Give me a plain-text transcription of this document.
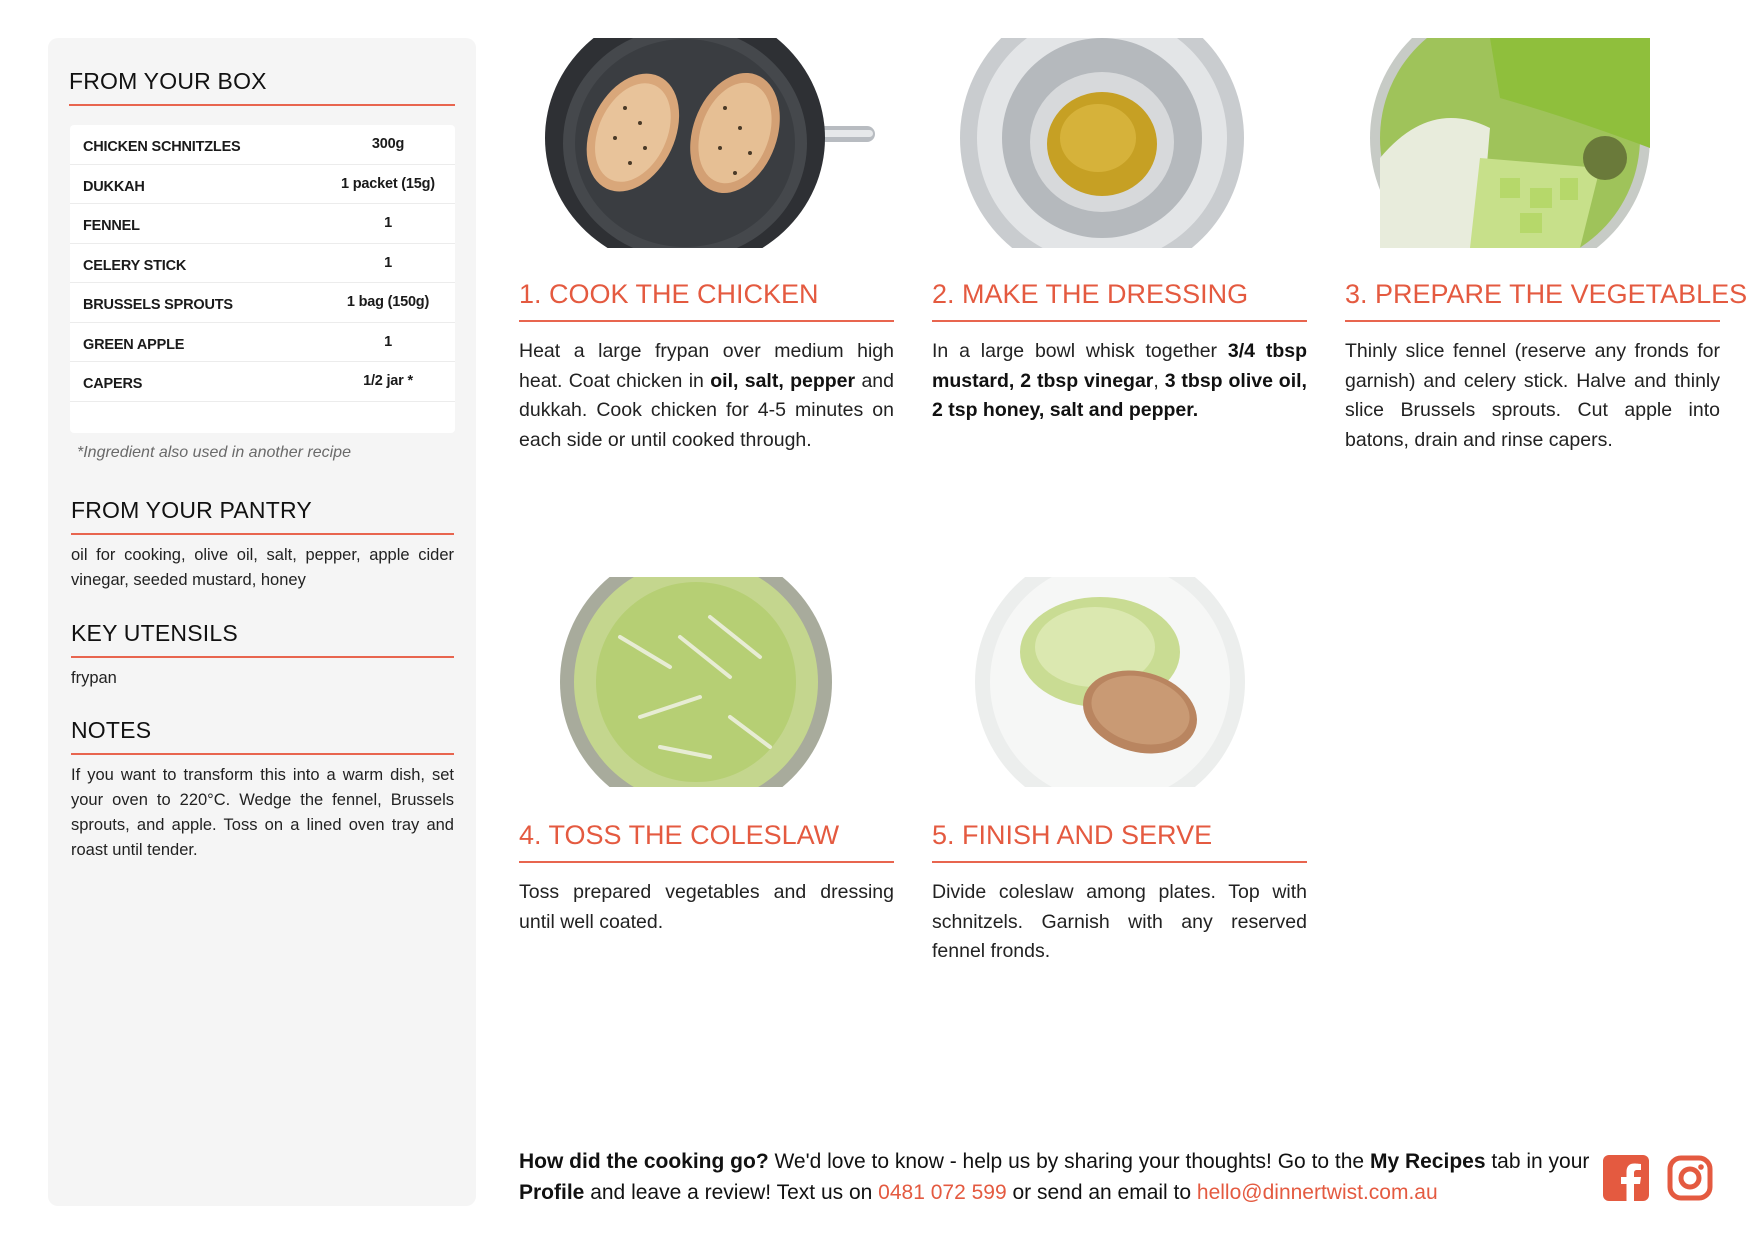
FROM YOUR BOX
CHICKEN SCHNITZLES	300g
DUKKAH	1 packet (15g)
FENNEL	1
CELERY STICK	1
BRUSSELS SPROUTS	1 bag (150g)
GREEN APPLE	1
CAPERS	1/2 jar *
*Ingredient also used in another recipe
FROM YOUR PANTRY
oil for cooking, olive oil, salt, pepper, apple cider vinegar, seeded mustard, honey
KEY UTENSILS
frypan
NOTES
If you want to transform this into a warm dish, set your oven to 220°C. Wedge the fennel, Brussels sprouts, and apple. Toss on a lined oven tray and roast until tender.
1. COOK THE CHICKEN
Heat a large frypan over medium high heat. Coat chicken in oil, salt, pepper and dukkah. Cook chicken for 4-5 minutes on each side or until cooked through.
2. MAKE THE DRESSING
In a large bowl whisk together 3/4 tbsp mustard, 2 tbsp vinegar, 3 tbsp olive oil, 2 tsp honey, salt and pepper.
3. PREPARE THE VEGETABLES
Thinly slice fennel (reserve any fronds for garnish) and celery stick. Halve and thinly slice Brussels sprouts. Cut apple into batons, drain and rinse capers.
4. TOSS THE COLESLAW
Toss prepared vegetables and dressing until well coated.
5. FINISH AND SERVE
Divide coleslaw among plates. Top with schnitzels. Garnish with any reserved fennel fronds.
How did the cooking go? We'd love to know - help us by sharing your thoughts! Go to the My Recipes tab in your Profile and leave a review! Text us on 0481 072 599 or send an email to hello@dinnertwist.com.au
